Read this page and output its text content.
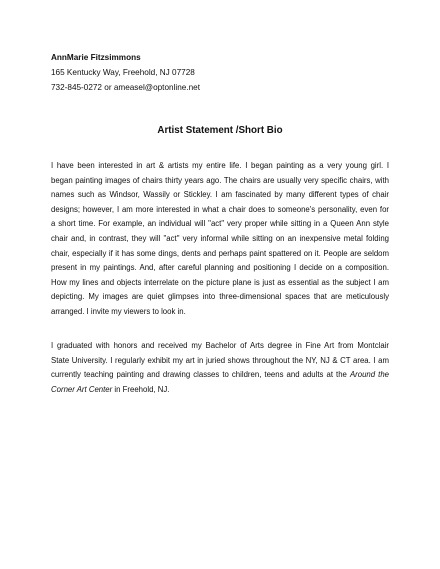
AnnMarie Fitzsimmons
165 Kentucky Way, Freehold, NJ 07728
732-845-0272 or ameasel@optonline.net
Artist Statement /Short Bio
I have been interested in art & artists my entire life. I began painting as a very young girl. I
began painting images of chairs thirty years ago. The chairs are usually very specific chairs, with
names such as Windsor, Wassily or Stickley. I am fascinated by many different types of chair
designs; however, I am more interested in what a chair does to someone's personality, even for
a short time. For example, an individual will "act" very proper while sitting in a Queen Ann style
chair and, in contrast, they will "act" very informal while sitting on an inexpensive metal folding
chair, especially if it has some dings, dents and perhaps paint spattered on it. People are seldom
present in my paintings. And, after careful planning and positioning I decide on a composition.
How my lines and objects interrelate on the picture plane is just as essential as the subject I am
depicting. My images are quiet glimpses into three-dimensional spaces that are meticulously
arranged. I invite my viewers to look in.
I graduated with honors and received my Bachelor of Arts degree in Fine Art from Montclair
State University. I regularly exhibit my art in juried shows throughout the NY, NJ & CT area. I am
currently teaching painting and drawing classes to children, teens and adults at the Around the
Corner Art Center in Freehold, NJ.
